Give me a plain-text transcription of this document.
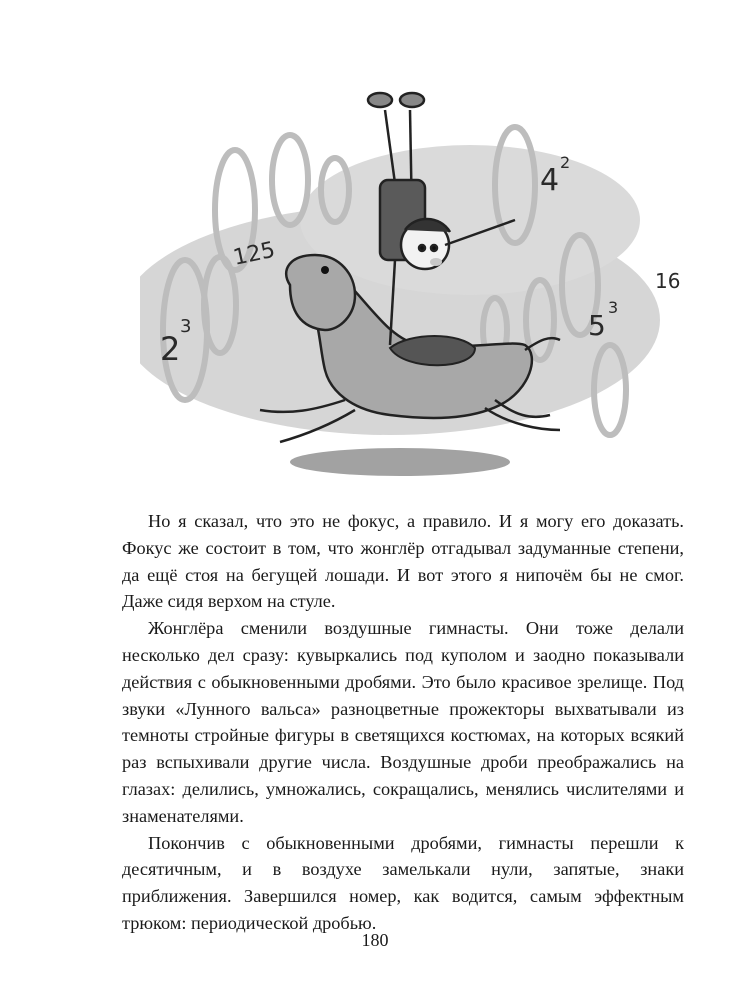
125
2
3
4
2
16
5
3

Но я сказал, что это не фокус, а правило. И я могу его доказать. Фокус же состоит в том, что жонглёр отгадывал задуманные степени, да ещё стоя на бегущей лошади. И вот этого я нипочём бы не смог. Даже сидя верхом на стуле.

Жонглёра сменили воздушные гимнасты. Они тоже делали несколько дел сразу: кувыркались под куполом и заодно показывали действия с обыкновенными дробями. Это было красивое зрелище. Под звуки «Лунного вальса» разноцветные прожекторы выхватывали из темноты стройные фигуры в светящихся костюмах, на которых всякий раз вспыхивали другие числа. Воздушные дроби преображались на глазах: делились, умножались, сокращались, менялись числителями и знаменателями.

Покончив с обыкновенными дробями, гимнасты перешли к десятичным, и в воздухе замелькали нули, запятые, знаки приближения. Завершился номер, как водится, самым эффектным трюком: периодической дробью.

180
